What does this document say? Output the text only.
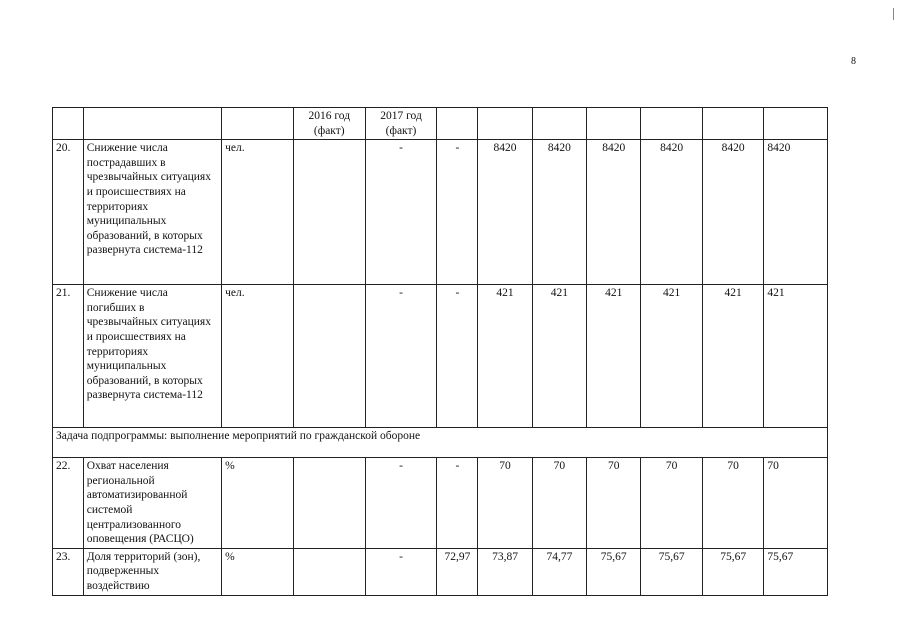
8
			2016 год (факт)	2017 год (факт)							
20.	Снижение числа пострадавших в чрезвычайных ситуациях и происшествиях на территориях муниципальных образований, в которых развернута система-112	чел.		-	-	8420	8420	8420	8420	8420	8420
21.	Снижение числа погибших в чрезвычайных ситуациях и происшествиях на территориях муниципальных образований, в которых развернута система-112	чел.		-	-	421	421	421	421	421	421
Задача подпрограммы: выполнение мероприятий по гражданской обороне											
22.	Охват населения региональной автоматизированной системой централизованного оповещения (РАСЦО)	%		-	-	70	70	70	70	70	70
23.	Доля территорий (зон), подверженных воздействию	%		-	72,97	73,87	74,77	75,67	75,67	75,67	75,67
